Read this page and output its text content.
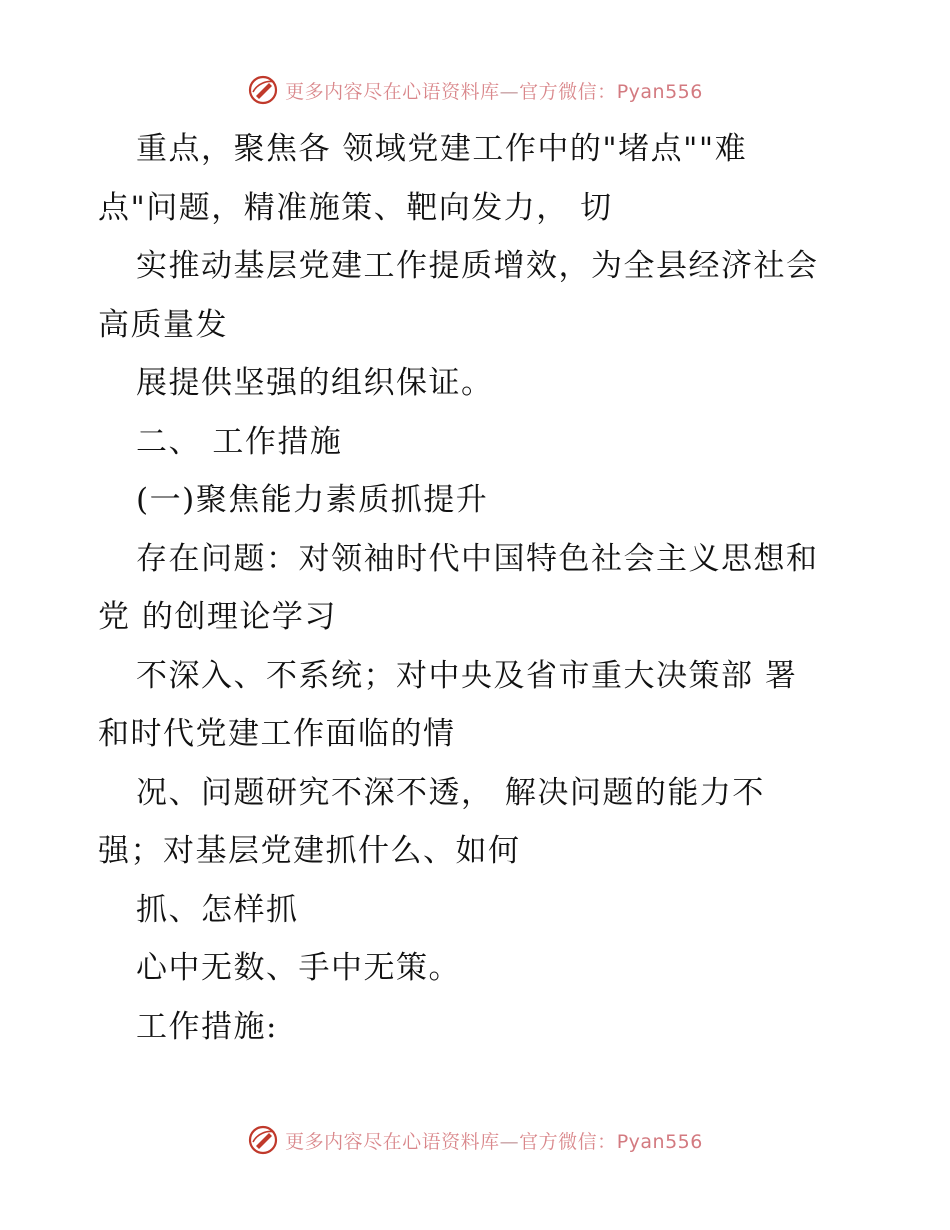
更多内容尽在心语资料库—官方微信：Pyan556
重点，聚焦各 领域党建工作中的"堵点""难
点"问题，精准施策、靶向发力， 切
实推动基层党建工作提质增效，为全县经济社会
高质量发
展提供坚强的组织保证。
二、 工作措施
(一)聚焦能力素质抓提升
存在问题：对领袖时代中国特色社会主义思想和
党 的创理论学习
不深入、不系统；对中央及省市重大决策部 署
和时代党建工作面临的情
况、问题研究不深不透， 解决问题的能力不
强；对基层党建抓什么、如何
抓、怎样抓
心中无数、手中无策。
工作措施:
更多内容尽在心语资料库—官方微信：Pyan556
